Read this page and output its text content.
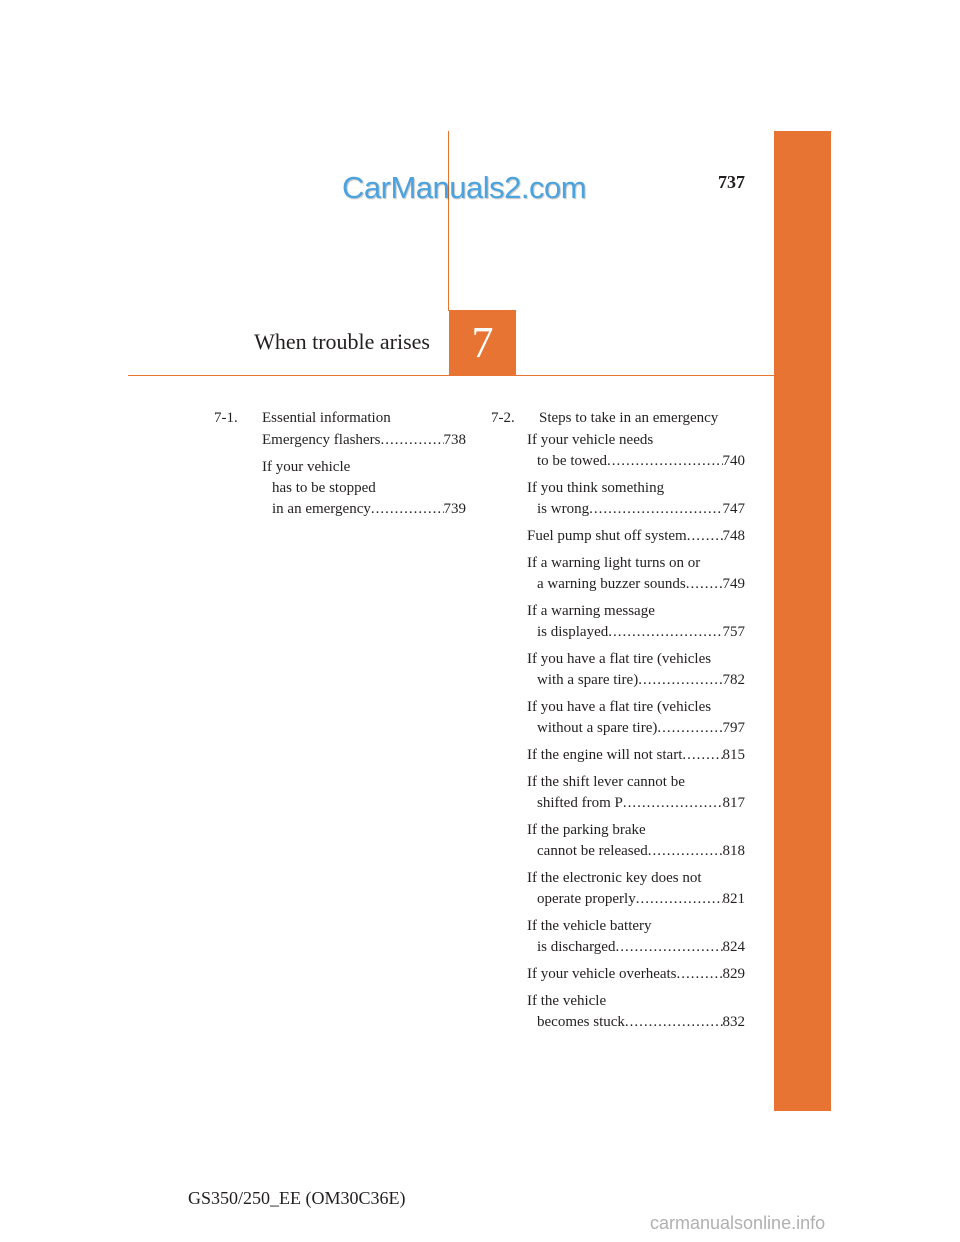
737
CarManuals2.com
When trouble arises 7
7-1.	Essential information
Emergency flashers .....	738
If your vehicle
has to be stopped
in an emergency .....	739
7-2.	Steps to take in an emergency
If your vehicle needs
to be towed .....	740
If you think something
is wrong .....	747
Fuel pump shut off system ..... 748
If a warning light turns on or
a warning buzzer sounds ..... 749
If a warning message
is displayed .....	757
If you have a flat tire (vehicles
with a spare tire) .....	782
If you have a flat tire (vehicles
without a spare tire) .....	797
If the engine will not start .....	815
If the shift lever cannot be
shifted from P .....	817
If the parking brake
cannot be released .....	818
If the electronic key does not
operate properly .....	821
If the vehicle battery
is discharged .....	824
If your vehicle overheats .....	829
If the vehicle
becomes stuck .....	832
GS350/250_EE (OM30C36E)
carmanualsonline.info
